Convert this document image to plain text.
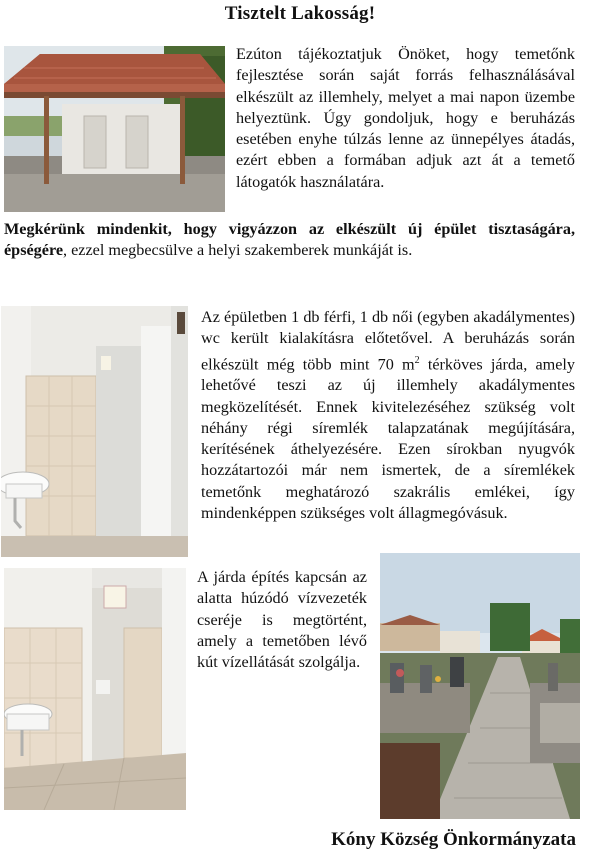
Tisztelt Lakosság!
Ezúton tájékoztatjuk Önöket, hogy temetőnk fejlesztése során saját forrás felhasználásával elkészült az illemhely, melyet a mai napon üzembe helyeztünk. Úgy gondoljuk, hogy e beruházás esetében enyhe túlzás lenne az ünnepélyes átadás, ezért ebben a formában adjuk azt át a temető látogatók használatára.
Megkérünk mindenkit, hogy vigyázzon az elkészült új épület tisztaságára, épségére, ezzel megbecsülve a helyi szakemberek munkáját is.
Az épületben 1 db férfi, 1 db női (egyben akadálymentes) wc került kialakításra előtetővel. A beruházás során elkészült még több mint 70 $m^2$ térköves járda, amely lehetővé teszi az új illemhely akadálymentes megközelítését. Ennek kivitelezéséhez szükség volt néhány régi síremlék talapzatának megújítására, kerítésének áthelyezésére. Ezen sírokban nyugvók hozzátartozói már nem ismertek, de a síremlékek temetőnk meghatározó szakrális emlékei, így mindenképpen szükséges volt állagmegóvásuk.
A járda építés kapcsán az alatta húzódó vízvezeték cseréje is megtörtént, amely a temetőben lévő kút vízellátását szolgálja.
Kóny Község Önkormányzata
